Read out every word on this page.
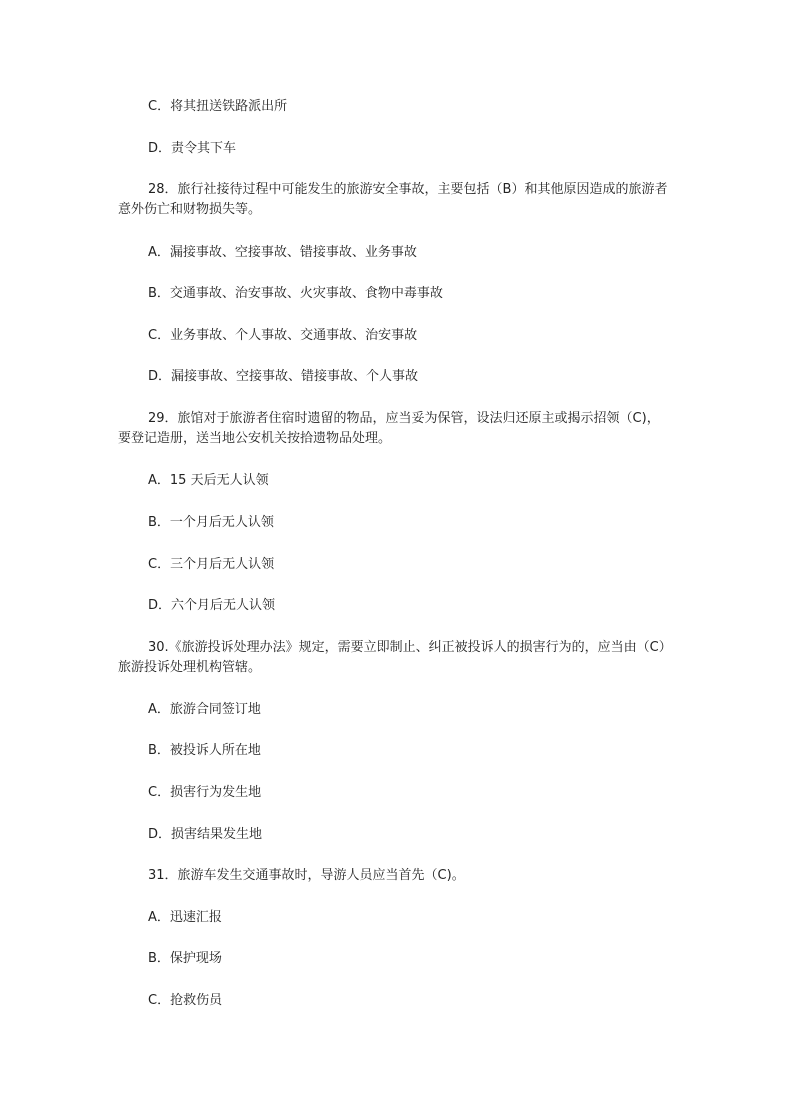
C．将其扭送铁路派出所
D．责令其下车
28．旅行社接待过程中可能发生的旅游安全事故，主要包括（B）和其他原因造成的旅游者意外伤亡和财物损失等。
A．漏接事故、空接事故、错接事故、业务事故
B．交通事故、治安事故、火灾事故、食物中毒事故
C．业务事故、个人事故、交通事故、治安事故
D．漏接事故、空接事故、错接事故、个人事故
29．旅馆对于旅游者住宿时遗留的物品，应当妥为保管，设法归还原主或揭示招领（C)，要登记造册，送当地公安机关按拾遗物品处理。
A．15 天后无人认领
B．一个月后无人认领
C．三个月后无人认领
D．六个月后无人认领
30.《旅游投诉处理办法》规定，需要立即制止、纠正被投诉人的损害行为的，应当由（C）旅游投诉处理机构管辖。
A．旅游合同签订地
B．被投诉人所在地
C．损害行为发生地
D．损害结果发生地
31．旅游车发生交通事故时，导游人员应当首先（C)。
A．迅速汇报
B．保护现场
C．抢救伤员
